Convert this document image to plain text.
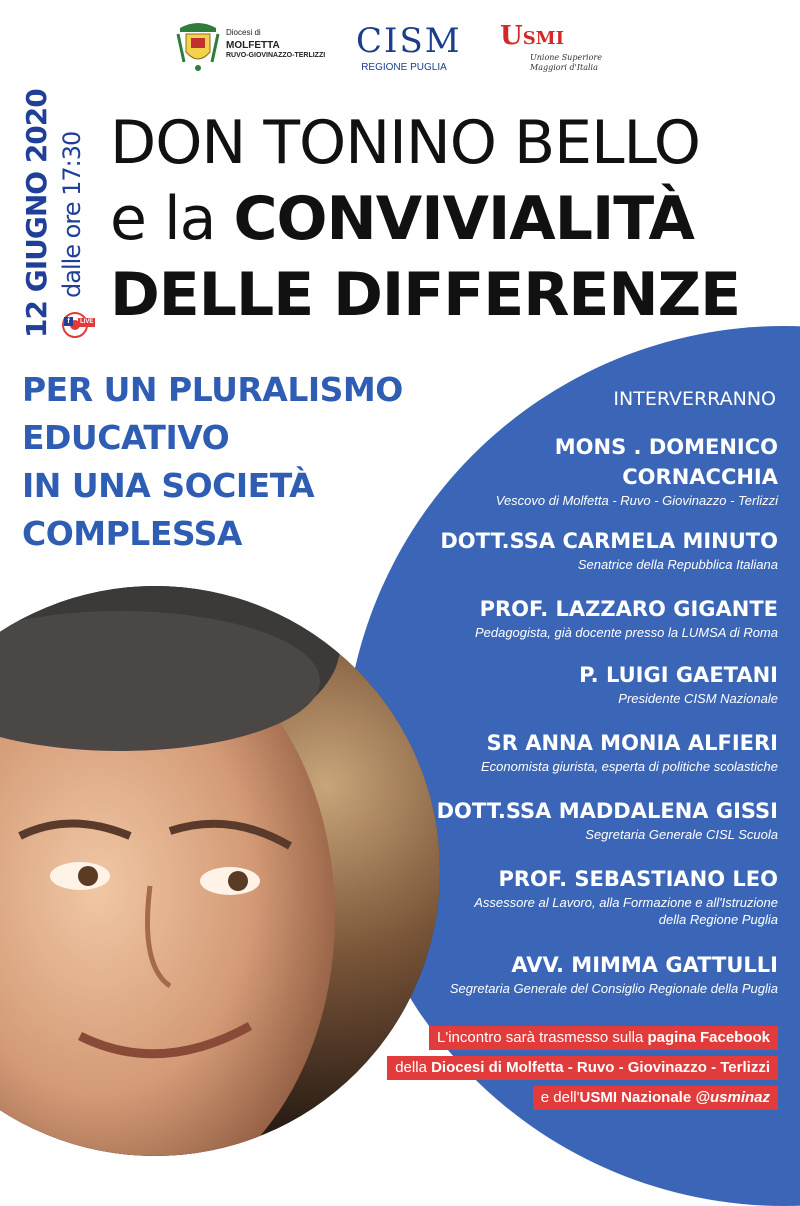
Diocesi di
MOLFETTA
RUVO-GIOVINAZZO-TERLIZZI CISM
REGIONE PUGLIA
USMI
Unione Superiore
Maggiori d'Italia
12 GIUGNO 2020 dalle ore 17:30
f LIVE
DON TONINO BELLO
e la CONVIVIALITÀ
DELLE DIFFERENZE
PER UN PLURALISMO
EDUCATIVO
IN UNA SOCIETÀ
COMPLESSA
INTERVERRANNO
MONS . DOMENICO
CORNACCHIA
Vescovo di Molfetta - Ruvo - Giovinazzo - Terlizzi
DOTT.SSA CARMELA MINUTO
Senatrice della Repubblica Italiana
PROF. LAZZARO GIGANTE
Pedagogista, già docente presso la LUMSA di Roma
P. LUIGI GAETANI
Presidente CISM Nazionale
SR ANNA MONIA ALFIERI
Economista giurista, esperta di politiche scolastiche
DOTT.SSA MADDALENA GISSI
Segretaria Generale CISL Scuola
PROF. SEBASTIANO LEO
Assessore al Lavoro, alla Formazione e all'Istruzione
della Regione Puglia
AVV. MIMMA GATTULLI
Segretaria Generale del Consiglio Regionale della Puglia
L'incontro sarà trasmesso sulla pagina Facebook
della Diocesi di Molfetta - Ruvo - Giovinazzo - Terlizzi
e dell'USMI Nazionale @usminaz
